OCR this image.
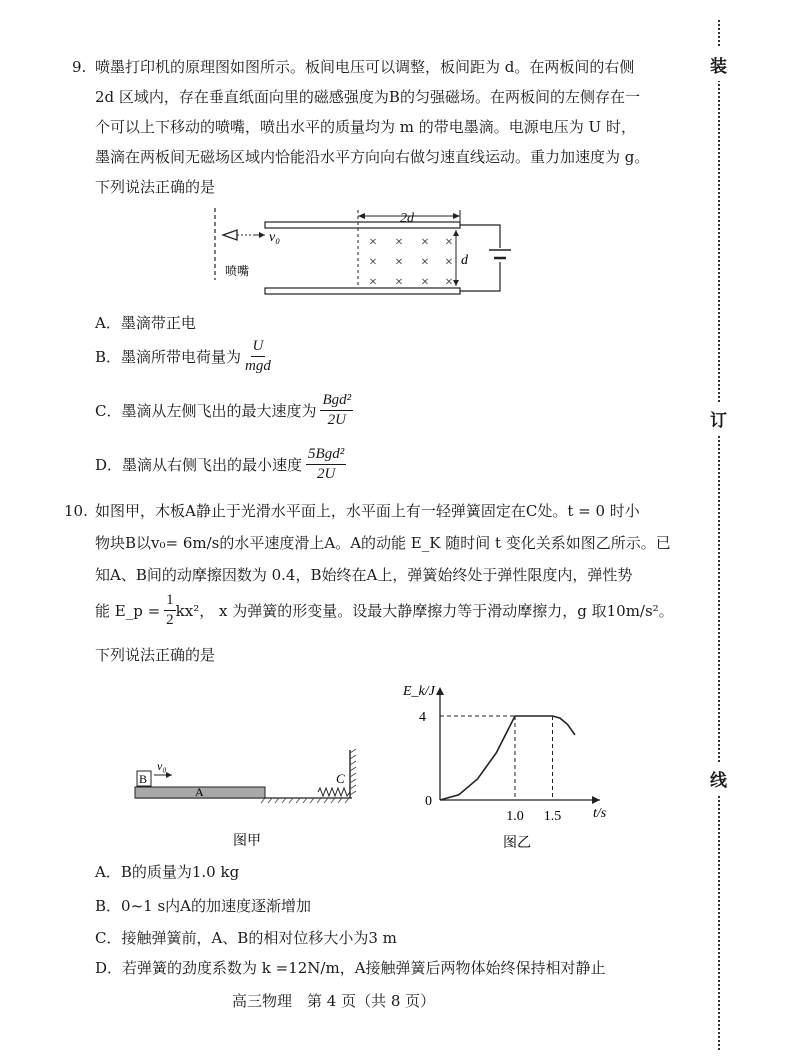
装
订
线
9. 喷墨打印机的原理图如图所示。板间电压可以调整，板间距为 d。在两板间的右侧
2d 区域内，存在垂直纸面向里的磁感强度为B的匀强磁场。在两板间的左侧存在一
个可以上下移动的喷嘴，喷出水平的质量均为 m 的带电墨滴。电源电压为 U 时，
墨滴在两板间无磁场区域内恰能沿水平方向向右做匀速直线运动。重力加速度为 g。
下列说法正确的是
v₀
喷嘴
2d
× × × ×
× × × ×
× × × ×
d
A．墨滴带正电
B．墨滴所带电荷量为 $\frac{U}{\text{mgd}}$
C．墨滴从左侧飞出的最大速度为 $\frac{\text{Bgd²}}{2U}$
D．墨滴从右侧飞出的最小速度 $\frac{\text{5Bgd²}}{2U}$
10. 如图甲，木板A静止于光滑水平面上，水平面上有一轻弹簧固定在C处。t = 0 时小
物块B以v₀= 6m/s的水平速度滑上A。A的动能 E_K 随时间 t 变化关系如图乙所示。已
知A、B间的动摩擦因数为 0.4，B始终在A上，弹簧始终处于弹性限度内，弹性势
能 E_p = $\frac{1}{2} kx^2$， x 为弹簧的形变量。设最大静摩擦力等于滑动摩擦力，g 取10m/s²。
下列说法正确的是
A
B
v₀
C
图甲
E_k/J
t/s
0
4
1.0 1.5
图乙
A．B的质量为1.0 kg
B．0~1 s内A的加速度逐渐增加
C．接触弹簧前，A、B的相对位移大小为3 m
D．若弹簧的劲度系数为 k =12N/m，A接触弹簧后两物体始终保持相对静止
高三物理　第 4 页（共 8 页）
